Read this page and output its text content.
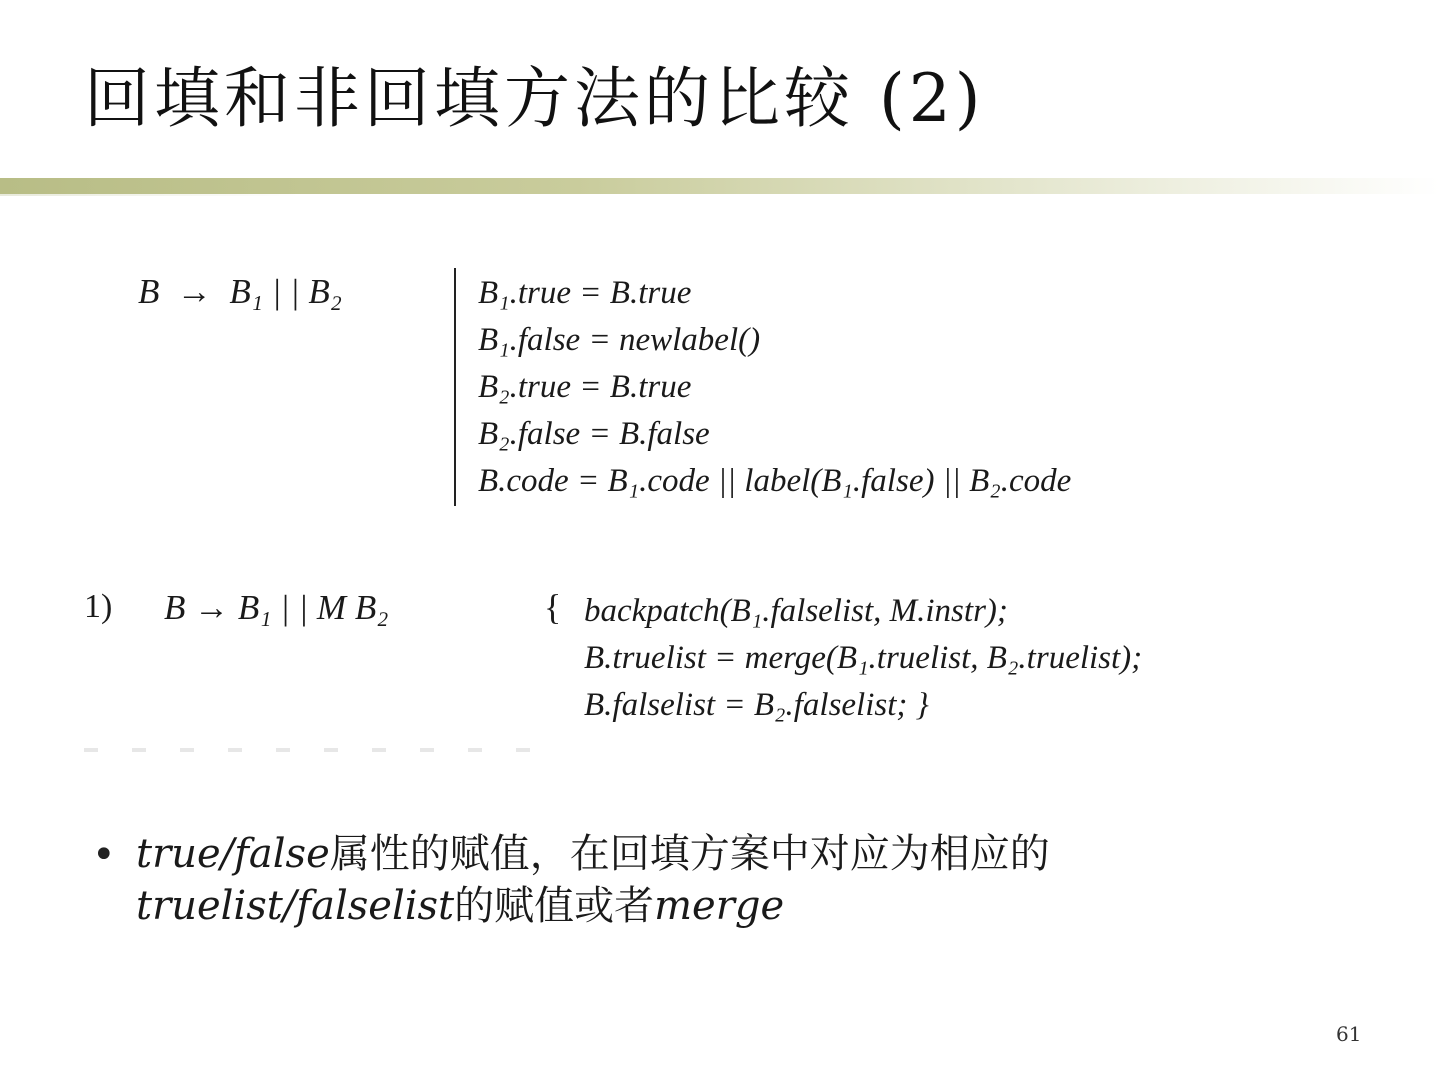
回填和非回填方法的比较 (2)
B → B₁ | | B₂	B₁.true = B.true
B₁.false = newlabel()
B₂.true = B.true
B₂.false = B.false
B.code = B₁.code || label(B₁.false) || B₂.code
1) B → B₁ | | M B₂	{ backpatch(B₁.falselist, M.instr);
B.truelist = merge(B₁.truelist, B₂.truelist);
B.falselist = B₂.falselist; }
• true/false属性的赋值，在回填方案中对应为相应的
truelist/falselist的赋值或者merge
61
